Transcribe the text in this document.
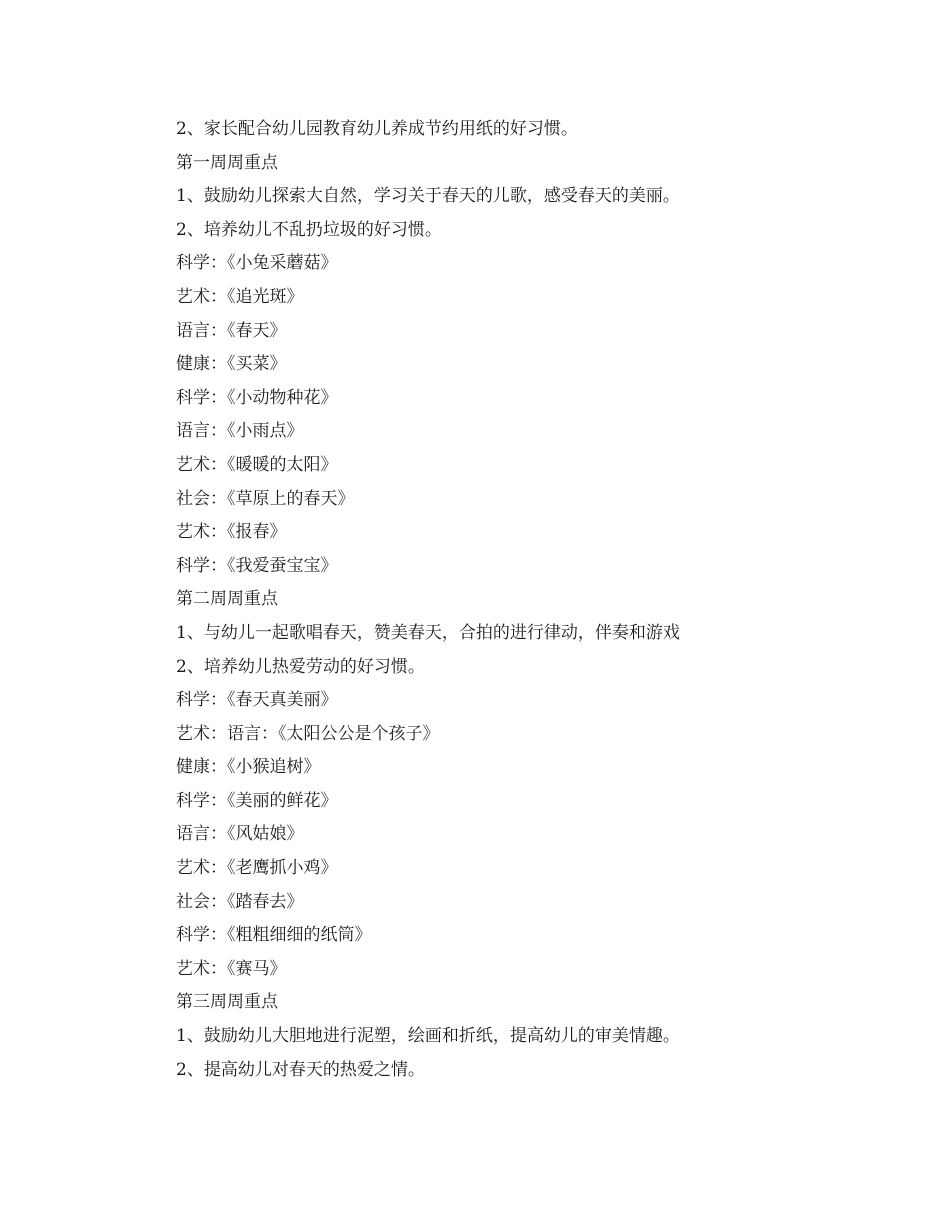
2、家长配合幼儿园教育幼儿养成节约用纸的好习惯。
第一周周重点
1、鼓励幼儿探索大自然，学习关于春天的儿歌，感受春天的美丽。
2、培养幼儿不乱扔垃圾的好习惯。
科学：《小兔采蘑菇》
艺术：《追光斑》
语言：《春天》
健康：《买菜》
科学：《小动物种花》
语言：《小雨点》
艺术：《暖暖的太阳》
社会：《草原上的春天》
艺术：《报春》
科学：《我爱蚕宝宝》
第二周周重点
1、与幼儿一起歌唱春天，赞美春天，合拍的进行律动，伴奏和游戏
2、培养幼儿热爱劳动的好习惯。
科学：《春天真美丽》
艺术：语言：《太阳公公是个孩子》
健康：《小猴追树》
科学：《美丽的鲜花》
语言：《风姑娘》
艺术：《老鹰抓小鸡》
社会：《踏春去》
科学：《粗粗细细的纸筒》
艺术：《赛马》
第三周周重点
1、鼓励幼儿大胆地进行泥塑，绘画和折纸，提高幼儿的审美情趣。
2、提高幼儿对春天的热爱之情。
